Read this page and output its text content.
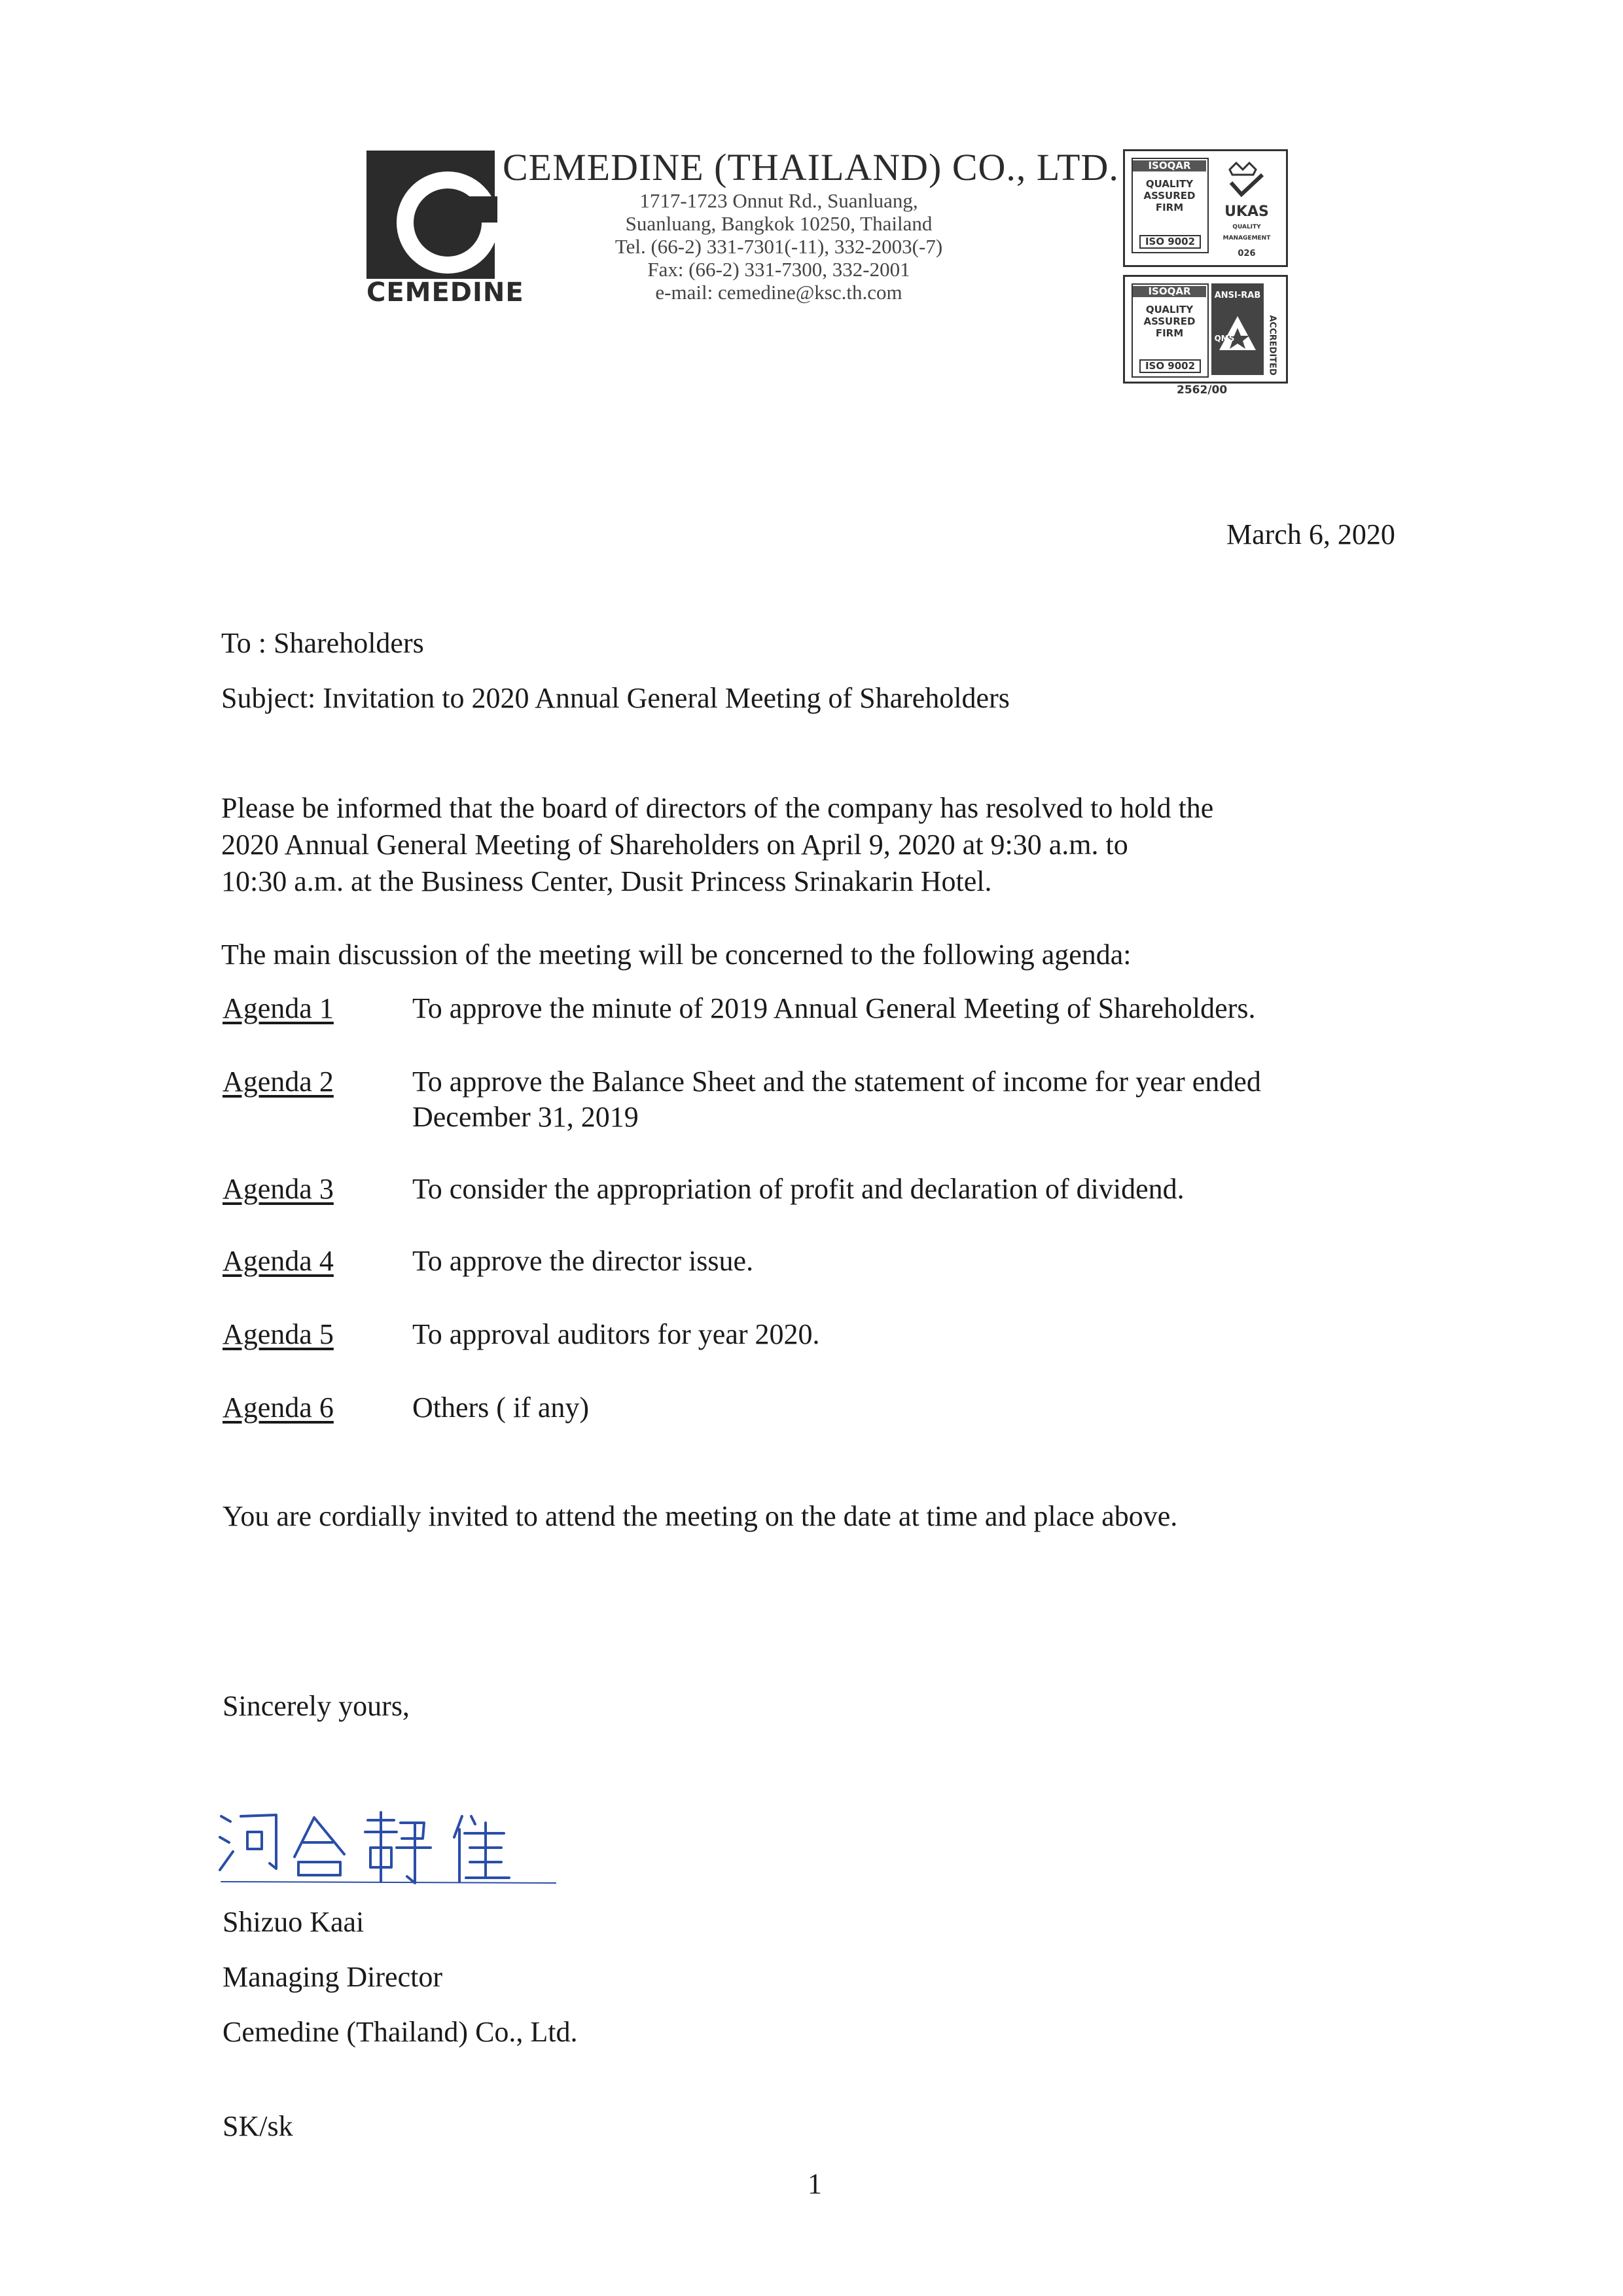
CEMEDINE
CEMEDINE (THAILAND) CO., LTD.
1717-1723 Onnut Rd., Suanluang,
Suanluang, Bangkok 10250, Thailand
Tel. (66-2) 331-7301(-11), 332-2003(-7)
Fax: (66-2) 331-7300, 332-2001
e-mail: cemedine@ksc.th.com
ISOQAR
QUALITY
ASSURED
FIRM
ISO 9002
UKAS
QUALITY MANAGEMENT
026
ISOQAR
QUALITY
ASSURED
FIRM
ISO 9002
ANSI-RAB
QMS	ACCREDITED
2562/00
March 6, 2020
To : Shareholders
Subject: Invitation to 2020 Annual General Meeting of Shareholders
Please be informed that the board of directors of the company has resolved to hold the
2020 Annual General Meeting of Shareholders on April 9, 2020 at 9:30 a.m. to
10:30 a.m. at the Business Center, Dusit Princess Srinakarin Hotel.
The main discussion of the meeting will be concerned to the following agenda:
Agenda 1	To approve the minute of 2019 Annual General Meeting of Shareholders.
Agenda 2	To approve the Balance Sheet and the statement of income for year ended
December 31, 2019
Agenda 3	To consider the appropriation of profit and declaration of dividend.
Agenda 4	To approve the director issue.
Agenda 5	To approval auditors for year 2020.
Agenda 6	Others ( if any)
You are cordially invited to attend the meeting on the date at time and place above.
Sincerely yours,
Shizuo Kaai
Managing Director
Cemedine (Thailand) Co., Ltd.
SK/sk
1
